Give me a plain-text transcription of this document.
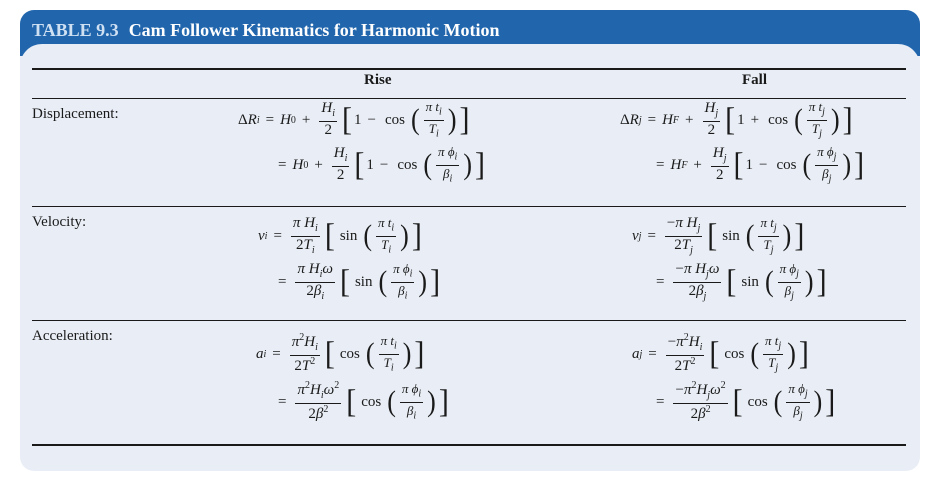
TABLE 9.3 Cam Follower Kinematics for Harmonic Motion
Rise	Fall
Displacement:	Δ R i = H $0 + \frac{H_i}{2}$ [ 1 − cos ( $\frac{\pi t_i}{T_i}$ ) ]
= H $0 + \frac{H_i}{2}$ [ 1 − cos ( $\frac{\pi \phi_i}{\beta_i}$ ) ]
Δ R j = H $F + \frac{H_j}{2}$ [ 1 + cos ( $\frac{\pi t_j}{T_j}$ ) ]
= H $F + \frac{H_j}{2}$ [ 1 − cos ( $\frac{\pi \phi_j}{\beta_j}$ ) ]
Velocity:
v $i = \frac{\pi H_i}{2T_i}$ [ sin ( $\frac{\pi t_i}{T_i}$ ) ]
= $\frac{\pi H_i\omega}{2\beta_i}$ [ sin ( $\frac{\pi \phi_i}{\beta_i}$ ) ]
v $j = \frac{-\pi H_j}{2T_j}$ [ sin ( $\frac{\pi t_j}{T_j}$ ) ]
= $\frac{-\pi H_j\omega}{2\beta_j}$ [ sin ( $\frac{\pi \phi_j}{\beta_j}$ ) ]
Acceleration:
a $i = \frac{\pi^2H_i}{2T^2}$ [ cos ( $\frac{\pi t_i}{T_i}$ ) ]
= $\frac{\pi^2H_i\omega^2}{2\beta^2}$ [ cos ( $\frac{\pi \phi_i}{\beta_i}$ ) ]
a $j = \frac{-\pi^2H_i}{2T^2}$ [ cos ( $\frac{\pi t_j}{T_j}$ ) ]
= $\frac{-\pi^2H_j\omega^2}{2\beta^2}$ [ cos ( $\frac{\pi \phi_j}{\beta_j}$ ) ]
